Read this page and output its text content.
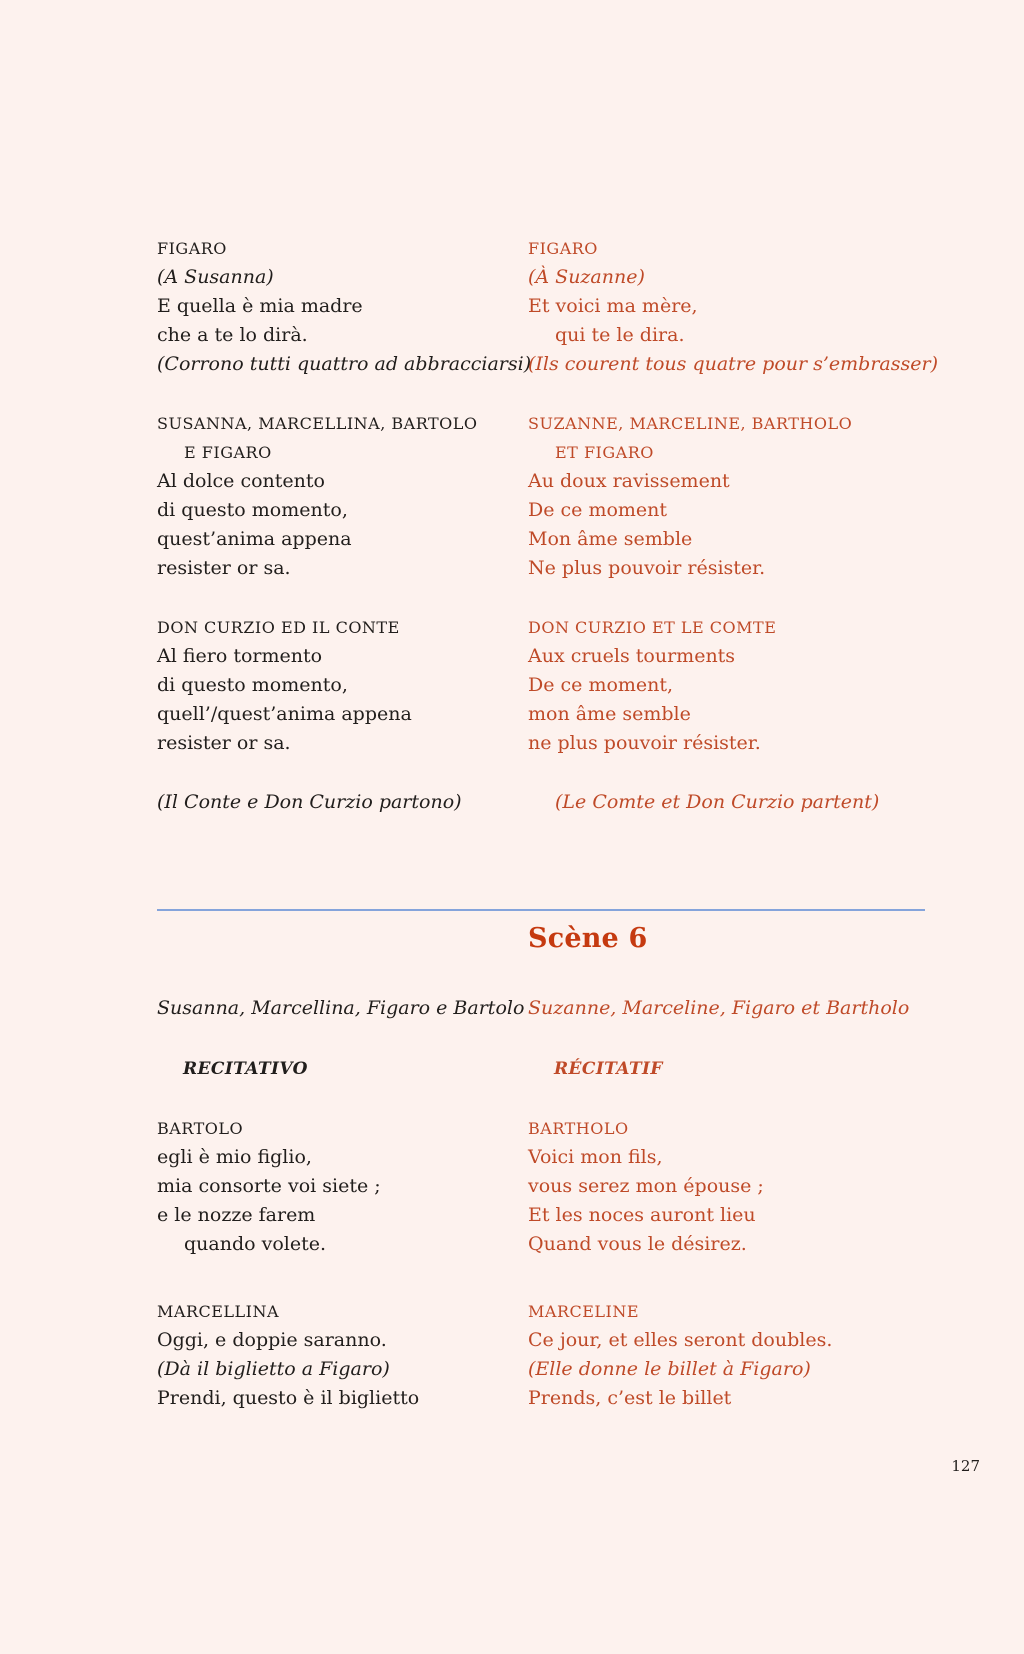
FIGARO
(A Susanna)
E quella è mia madre
che a te lo dirà.
(Corrono tutti quattro ad abbracciarsi)
FIGARO
(À Suzanne)
Et voici ma mère,
qui te le dira.
(Ils courent tous quatre pour s’embrasser)
SUSANNA, MARCELLINA, BARTOLO
E FIGARO
Al dolce contento
di questo momento,
quest’anima appena
resister or sa.
SUZANNE, MARCELINE, BARTHOLO
ET FIGARO
Au doux ravissement
De ce moment
Mon âme semble
Ne plus pouvoir résister.
DON CURZIO ED IL CONTE
Al fiero tormento
di questo momento,
quell’/quest’anima appena
resister or sa.
DON CURZIO ET LE COMTE
Aux cruels tourments
De ce moment,
mon âme semble
ne plus pouvoir résister.
(Il Conte e Don Curzio partono)	(Le Comte et Don Curzio partent)
Scène 6
Susanna, Marcellina, Figaro e Bartolo Suzanne, Marceline, Figaro et Bartholo
RECITATIVO	RÉCITATIF
BARTOLO
egli è mio figlio,
mia consorte voi siete ;
e le nozze farem
quando volete.
BARTHOLO
Voici mon fils,
vous serez mon épouse ;
Et les noces auront lieu
Quand vous le désirez.
MARCELLINA
Oggi, e doppie saranno.
(Dà il biglietto a Figaro)
Prendi, questo è il biglietto
MARCELINE
Ce jour, et elles seront doubles.
(Elle donne le billet à Figaro)
Prends, c’est le billet
127
